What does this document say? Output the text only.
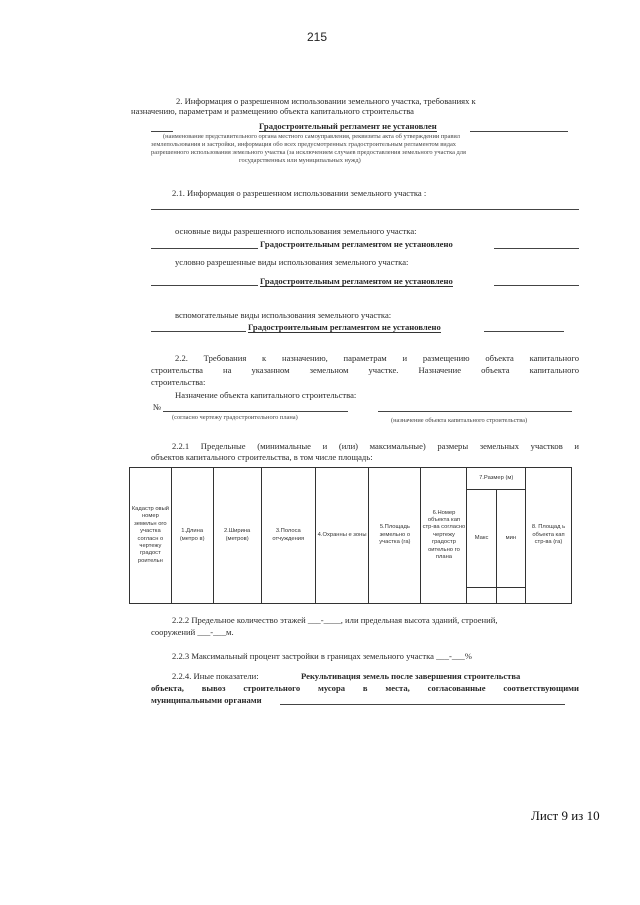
215
2. Информация о разрешенном использовании земельного участка, требованиях к
назначению, параметрам и размещению объекта капитального строительства
Градостроительный регламент не установлен
(наименование представительного органа местного самоуправления, реквизиты акта об утверждении правил
землепользования и застройки, информация обо всех предусмотренных градостроительным регламентом видах
разрешенного использования земельного участка (за исключением случаев предоставления земельного участка для
государственных или муниципальных нужд)
2.1. Информация о разрешенном использовании земельного участка :
основные виды разрешенного использования земельного участка:
Градостроительным регламентом не установлено
условно разрешенные виды использования земельного участка:
Градостроительным регламентом не установлено
вспомогательные виды использования земельного участка:
Градостроительным регламентом не установлено
2.2. Требования к назначению, параметрам и размещению объекта капитального
строительства на указанном земельном участке. Назначение объекта капитального
строительства:
Назначение объекта капитального строительства:
№
(согласно чертежу градостроительного плана)	(назначение объекта капитального строительства)
2.2.1 Предельные (минимальные и (или) максимальные) размеры земельных участков и
объектов капитального строительства, в том числе площадь:
Кадастр овый номер земельн ого участка согласн о чертежу градост роительн	1.Длина (метро в)	2.Ширина (метров)	3.Полоса отчуждения	4.Охранны е зоны	5.Площадь земельно о участка (га)	6.Номер объекта кап стр-ва согласно чертежу градостр оительно го плана	7.Размер (м)		8. Площад ь объекта кап стр-ва (га)
							Макс	мин	

2.2.2 Предельное количество этажей ___-____, или предельная высота зданий, строений,
сооружений ___-___м.
2.2.3 Максимальный процент застройки в границах земельного участка ___-___%
2.2.4. Иные показатели:	Рекультивация земель после завершения строительства
объекта, вывоз строительного мусора в места, согласованные соответствующими
муниципальными органами
Лист 9 из 10
